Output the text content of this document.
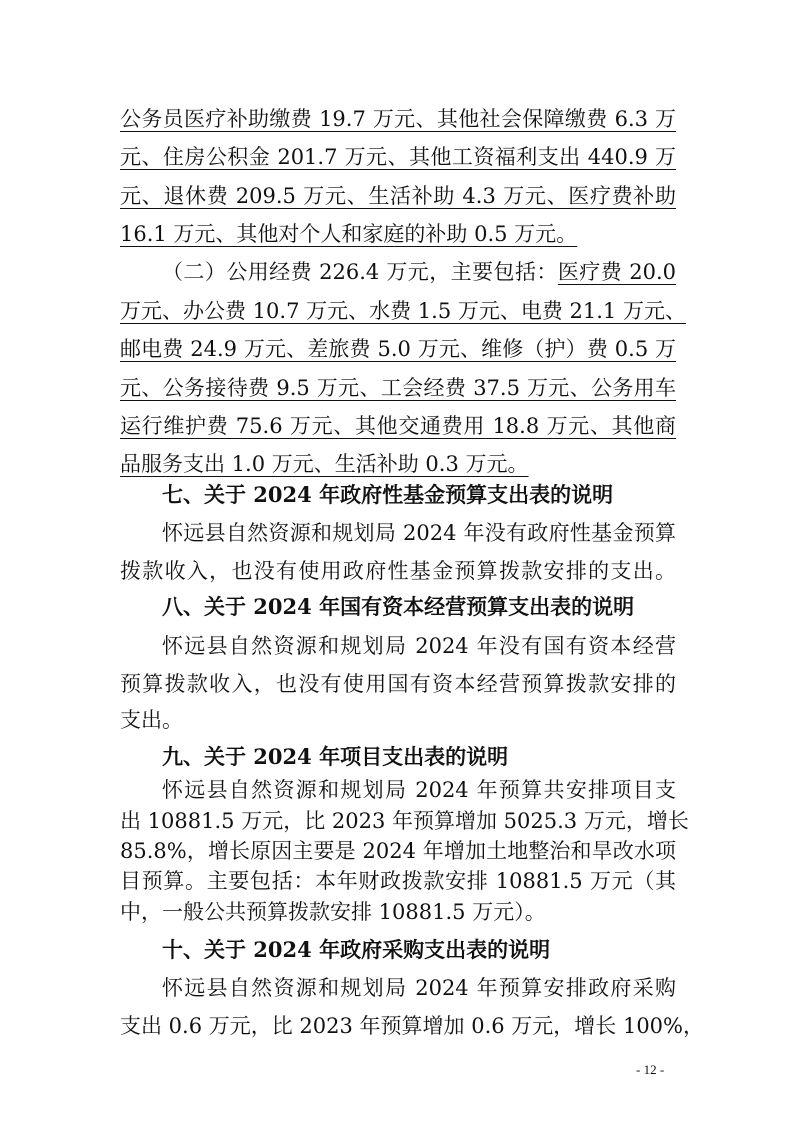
公务员医疗补助缴费 19.7 万元、其他社会保障缴费 6.3 万
元、住房公积金 201.7 万元、其他工资福利支出 440.9 万
元、退休费 209.5 万元、生活补助 4.3 万元、医疗费补助
16.1 万元、其他对个人和家庭的补助 0.5 万元。
（二）公用经费 226.4 万元，主要包括：医疗费 20.0
万元、办公费 10.7 万元、水费 1.5 万元、电费 21.1 万元、
邮电费 24.9 万元、差旅费 5.0 万元、维修（护）费 0.5 万
元、公务接待费 9.5 万元、工会经费 37.5 万元、公务用车
运行维护费 75.6 万元、其他交通费用 18.8 万元、其他商
品服务支出 1.0 万元、生活补助 0.3 万元。
七、关于 2024 年政府性基金预算支出表的说明
怀远县自然资源和规划局 2024 年没有政府性基金预算
拨款收入，也没有使用政府性基金预算拨款安排的支出。
八、关于 2024 年国有资本经营预算支出表的说明
怀远县自然资源和规划局 2024 年没有国有资本经营
预算拨款收入，也没有使用国有资本经营预算拨款安排的
支出。
九、关于 2024 年项目支出表的说明
怀远县自然资源和规划局 2024 年预算共安排项目支
出 10881.5 万元，比 2023 年预算增加 5025.3 万元，增长
85.8%，增长原因主要是 2024 年增加土地整治和旱改水项
目预算。主要包括：本年财政拨款安排 10881.5 万元（其
中，一般公共预算拨款安排 10881.5 万元）。
十、关于 2024 年政府采购支出表的说明
怀远县自然资源和规划局 2024 年预算安排政府采购
支出 0.6 万元，比 2023 年预算增加 0.6 万元，增长 100%，
- 12 -
